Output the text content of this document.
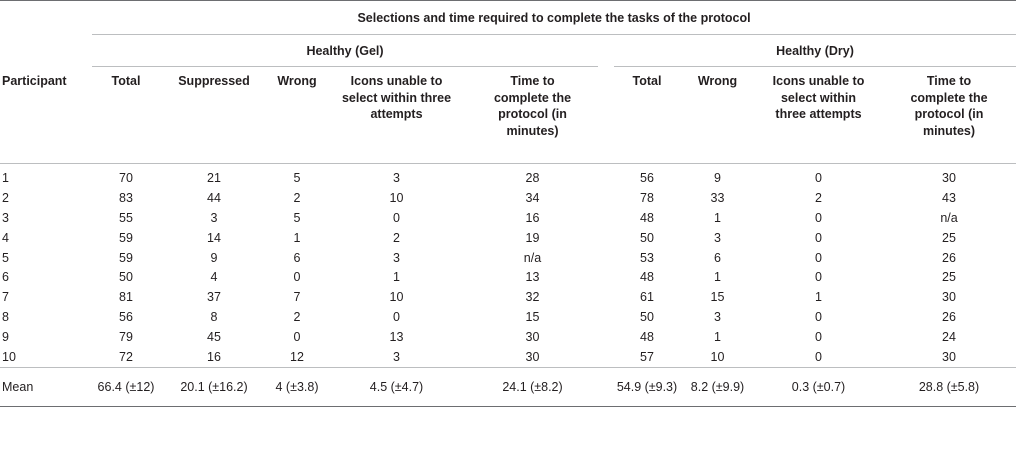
	Selections and time required to complete the tasks of the protocol									
	Healthy (Gel)						Healthy (Dry)			
Participant	Total	Suppressed	Wrong	Icons unable to select within three attempts	Time to complete the protocol (in minutes)		Total	Wrong	Icons unable to select within three attempts	Time to complete the protocol (in minutes)
1	70	21	5	3	28		56	9	0	30
2	83	44	2	10	34		78	33	2	43
3	55	3	5	0	16		48	1	0	n/a
4	59	14	1	2	19		50	3	0	25
5	59	9	6	3	n/a		53	6	0	26
6	50	4	0	1	13		48	1	0	25
7	81	37	7	10	32		61	15	1	30
8	56	8	2	0	15		50	3	0	26
9	79	45	0	13	30		48	1	0	24
10	72	16	12	3	30		57	10	0	30
Mean	66.4 (±12)	20.1 (±16.2)	4 (±3.8)	4.5 (±4.7)	24.1 (±8.2)		54.9 (±9.3)	8.2 (±9.9)	0.3 (±0.7)	28.8 (±5.8)
